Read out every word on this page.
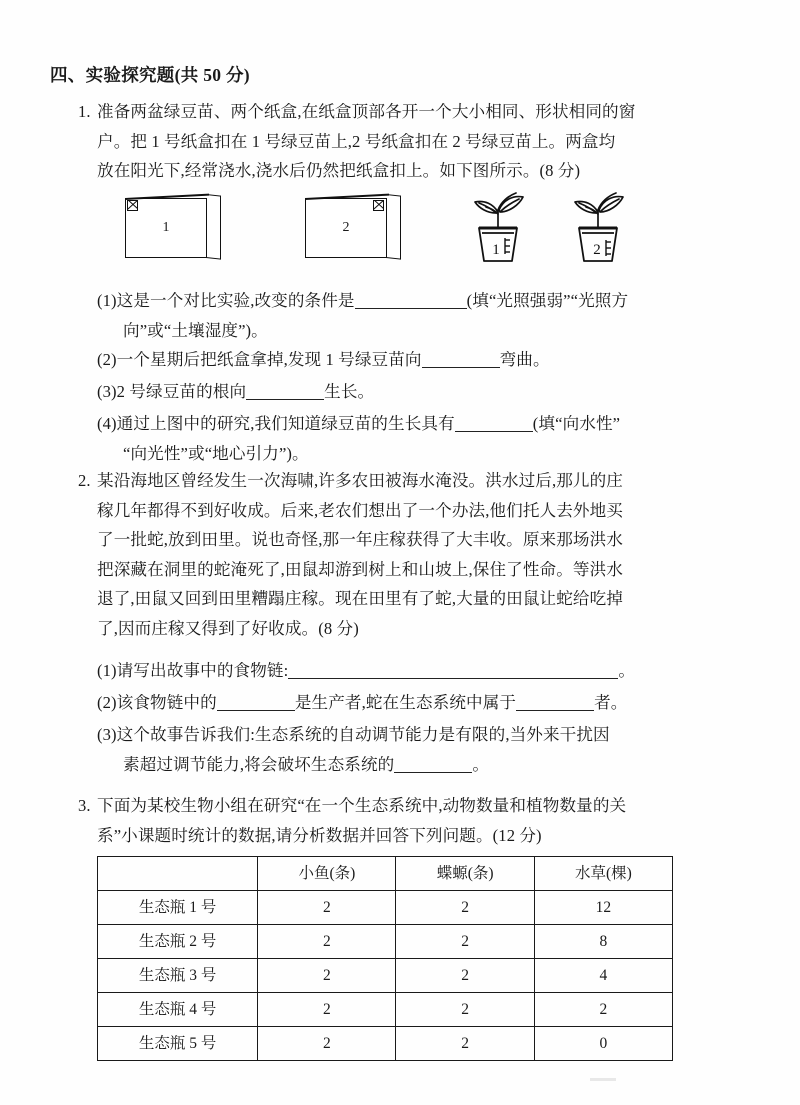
四、实验探究题(共 50 分)
1. 准备两盆绿豆苗、两个纸盒,在纸盒顶部各开一个大小相同、形状相同的窗
户。把 1 号纸盒扣在 1 号绿豆苗上,2 号纸盒扣在 2 号绿豆苗上。两盒均
放在阳光下,经常浇水,浇水后仍然把纸盒扣上。如下图所示。(8 分)
1	2
1	2
(1)这是一个对比实验,改变的条件是	(填“光照强弱”“光照方
向”或“土壤湿度”)。
(2)一个星期后把纸盒拿掉,发现 1 号绿豆苗向	弯曲。
(3)2 号绿豆苗的根向	生长。
(4)通过上图中的研究,我们知道绿豆苗的生长具有	(填“向水性”
“向光性”或“地心引力”)。
2. 某沿海地区曾经发生一次海啸,许多农田被海水淹没。洪水过后,那儿的庄
稼几年都得不到好收成。后来,老农们想出了一个办法,他们托人去外地买
了一批蛇,放到田里。说也奇怪,那一年庄稼获得了大丰收。原来那场洪水
把深藏在洞里的蛇淹死了,田鼠却游到树上和山坡上,保住了性命。等洪水
退了,田鼠又回到田里糟蹋庄稼。现在田里有了蛇,大量的田鼠让蛇给吃掉
了,因而庄稼又得到了好收成。(8 分)
(1)请写出故事中的食物链:	。
(2)该食物链中的	是生产者,蛇在生态系统中属于	者。
(3)这个故事告诉我们:生态系统的自动调节能力是有限的,当外来干扰因
素超过调节能力,将会破坏生态系统的	。
3. 下面为某校生物小组在研究“在一个生态系统中,动物数量和植物数量的关
系”小课题时统计的数据,请分析数据并回答下列问题。(12 分)
	小鱼(条)	蝶螈(条)	水草(棵)
生态瓶 1 号	2	2	12
生态瓶 2 号	2	2	8
生态瓶 3 号	2	2	4
生态瓶 4 号	2	2	2
生态瓶 5 号	2	2	0
